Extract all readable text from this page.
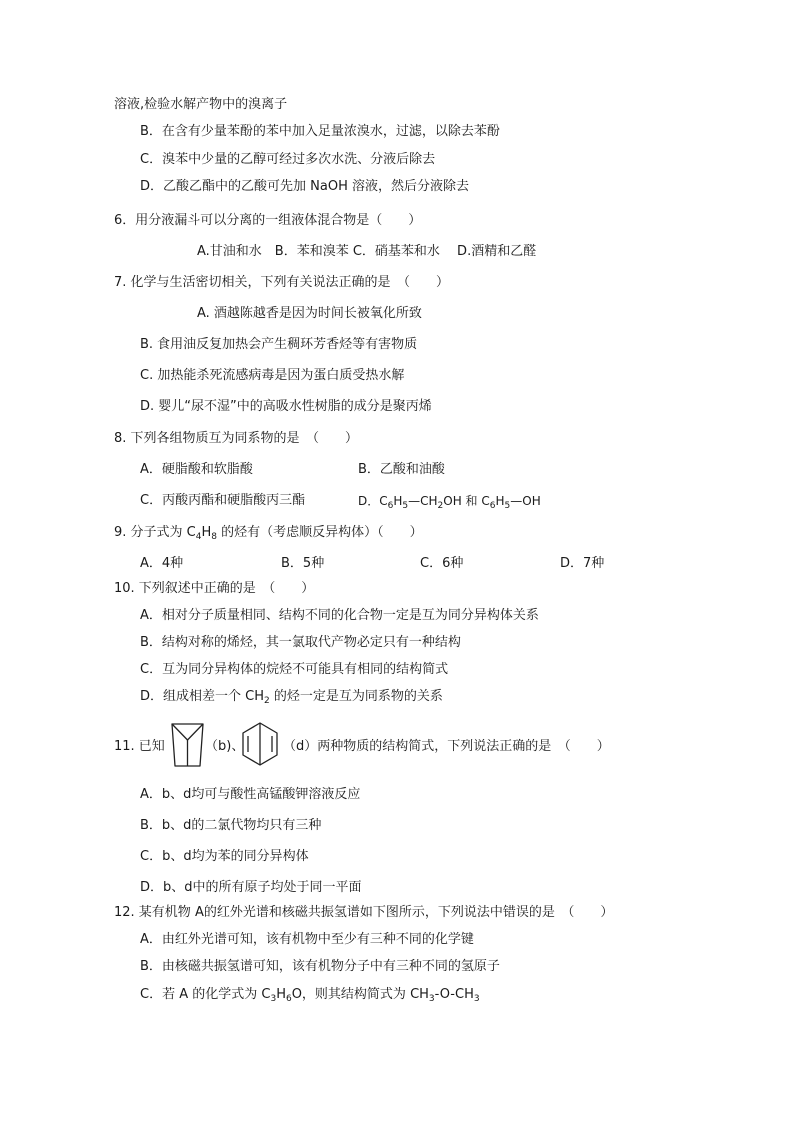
溶液,检验水解产物中的溴离子
B．在含有少量苯酚的苯中加入足量浓溴水，过滤，以除去苯酚
C．溴苯中少量的乙醇可经过多次水洗、分液后除去
D．乙酸乙酯中的乙酸可先加 NaOH 溶液，然后分液除去
6．用分液漏斗可以分离的一组液体混合物是（　　）
A.甘油和水　B．苯和溴苯 C．硝基苯和水　 D.酒精和乙醛
7. 化学与生活密切相关，下列有关说法正确的是　（　　）
A. 酒越陈越香是因为时间长被氧化所致
B. 食用油反复加热会产生稠环芳香烃等有害物质
C. 加热能杀死流感病毒是因为蛋白质受热水解
D. 婴儿“尿不湿”中的高吸水性树脂的成分是聚丙烯
8. 下列各组物质互为同系物的是　（　　）
A．硬脂酸和软脂酸	B．乙酸和油酸
C．丙酸丙酯和硬脂酸丙三酯	D．$C_6H_5—CH_2OH$ 和 $C_6H_5—OH$
9. 分子式为 $C_4H_8$ 的烃有（考虑顺反异构体）（　　）
A．4种	B．5种	C．6种	D．7种
10. 下列叙述中正确的是　（　　）
A．相对分子质量相同、结构不同的化合物一定是互为同分异构体关系
B．结构对称的烯烃，其一氯取代产物必定只有一种结构
C．互为同分异构体的烷烃不可能具有相同的结构简式
D．组成相差一个 $CH_2$ 的烃一定是互为同系物的关系
11. 已知	（b)、	（d）两种物质的结构简式，下列说法正确的是　（　　）
A．b、d均可与酸性高锰酸钾溶液反应
B．b、d的二氯代物均只有三种
C．b、d均为苯的同分异构体
D．b、d中的所有原子均处于同一平面
12. 某有机物 A的红外光谱和核磁共振氢谱如下图所示，下列说法中错误的是　（　　）
A．由红外光谱可知，该有机物中至少有三种不同的化学键
B．由核磁共振氢谱可知，该有机物分子中有三种不同的氢原子
C．若 A 的化学式为 $C_3H_6O$，则其结构简式为 $CH_3-O-CH_3$
